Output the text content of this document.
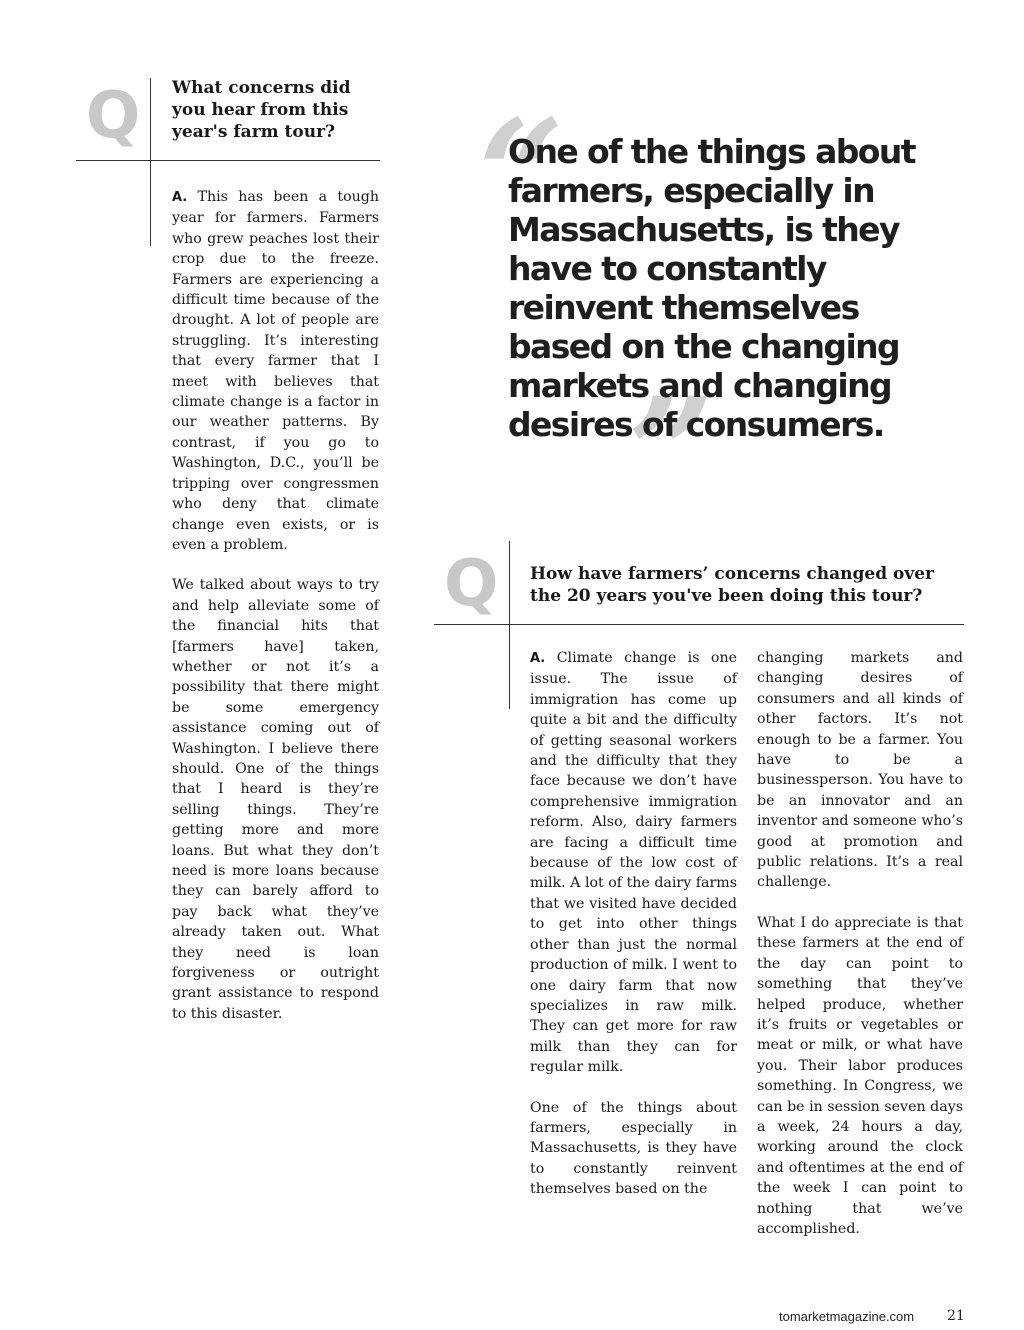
Q What concerns did you hear from this year's farm tour?

A. This has been a tough year for farmers. Farmers who grew peaches lost their crop due to the freeze. Farmers are experiencing a difficult time because of the drought. A lot of people are struggling. It’s interesting that every farmer that I meet with believes that climate change is a factor in our weather patterns. By contrast, if you go to Washington, D.C., you’ll be tripping over congressmen who deny that climate change even exists, or is even a problem.

We talked about ways to try and help alleviate some of the financial hits that [farmers have] taken, whether or not it’s a possibility that there might be some emergency assistance coming out of Washington. I believe there should. One of the things that I heard is they’re selling things. They’re getting more and more loans. But what they don’t need is more loans because they can barely afford to pay back what they’ve already taken out. What they need is loan forgiveness or outright grant assistance to respond to this disaster.

“
”
One of the things about farmers, especially in Massachusetts, is they have to constantly reinvent themselves based on the changing markets and changing desires of consumers.
Q How have farmers’ concerns changed over the 20 years you've been doing this tour?

A. Climate change is one issue. The issue of immigration has come up quite a bit and the difficulty of getting seasonal workers and the difficulty that they face because we don’t have comprehensive immigration reform. Also, dairy farmers are facing a difficult time because of the low cost of milk. A lot of the dairy farms that we visited have decided to get into other things other than just the normal production of milk. I went to one dairy farm that now specializes in raw milk. They can get more for raw milk than they can for regular milk.

One of the things about farmers, especially in Massachusetts, is they have to constantly reinvent themselves based on the

changing markets and changing desires of consumers and all kinds of other factors. It’s not enough to be a farmer. You have to be a businessperson. You have to be an innovator and an inventor and someone who’s good at promotion and public relations. It’s a real challenge.

What I do appreciate is that these farmers at the end of the day can point to something that they’ve helped produce, whether it’s fruits or vegetables or meat or milk, or what have you. Their labor produces something. In Congress, we can be in session seven days a week, 24 hours a day, working around the clock and oftentimes at the end of the week I can point to nothing that we’ve accomplished.

tomarketmagazine.com 21
